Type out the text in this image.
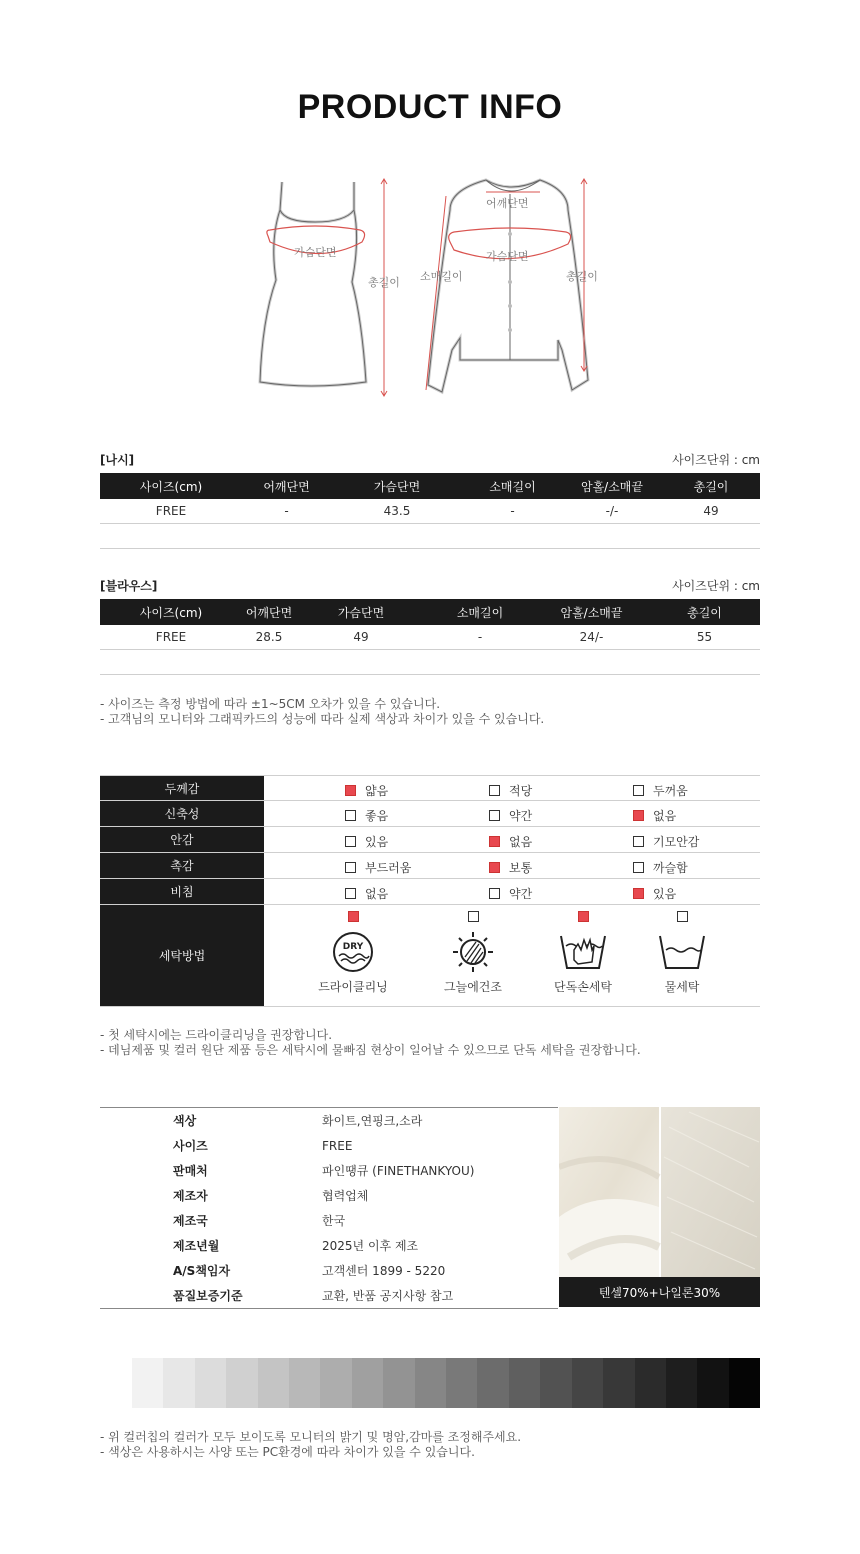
PRODUCT INFO
가슴단면
총길이
어깨단면
가슴단면
소매길이	총길이
[나시]	사이즈단위 : cm
사이즈(cm)	어깨단면	가슴단면	소매길이	암홀/소매끝	총길이
FREE	-	43.5	-	-/-	49
[블라우스]	사이즈단위 : cm
사이즈(cm)	어깨단면	가슴단면	소매길이	암홀/소매끝	총길이
FREE	28.5	49	-	24/-	55
- 사이즈는 측정 방법에 따라 ±1~5CM 오차가 있을 수 있습니다.
- 고객님의 모니터와 그래픽카드의 성능에 따라 실제 색상과 차이가 있을 수 있습니다.
두께감	얇음	적당	두꺼움
신축성	좋음	약간	없음
안감	있음	없음	기모안감
촉감	부드러움	보통	까슬함
비침	없음	약간	있음
세탁방법
DRY
드라이클리닝	그늘에건조	단독손세탁	물세탁
- 첫 세탁시에는 드라이클리닝을 권장합니다.
- 데님제품 및 컬러 원단 제품 등은 세탁시에 물빠짐 현상이 일어날 수 있으므로 단독 세탁을 권장합니다.
색상	화이트,연핑크,소라
사이즈	FREE
판매처	파인땡큐 (FINETHANKYOU)
제조자	협력업체
제조국	한국
제조년월	2025년 이후 제조
A/S책임자	고객센터 1899 - 5220
품질보증기준	교환, 반품 공지사항 참고	텐셀70%+나일론30%
- 위 컬러칩의 컬러가 모두 보이도록 모니터의 밝기 및 명암,감마를 조정해주세요.
- 색상은 사용하시는 사양 또는 PC환경에 따라 차이가 있을 수 있습니다.
